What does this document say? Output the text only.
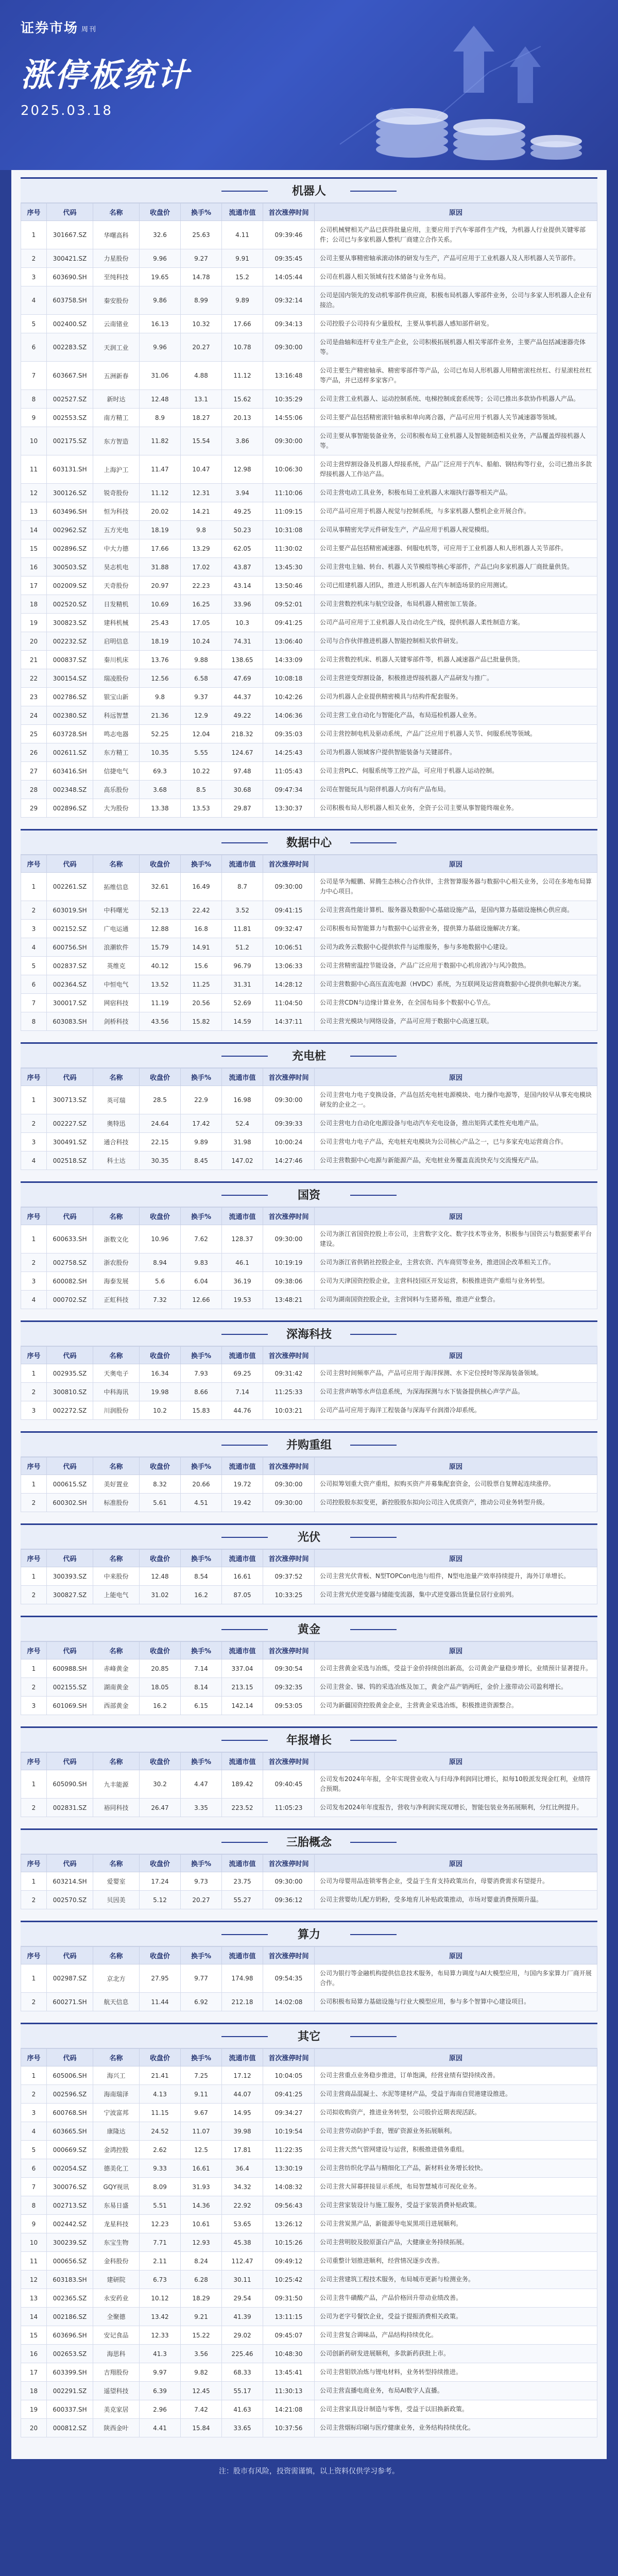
证券市场 周刊
涨停板统计
2025.03.18
机器人
序号	代码	名称	收盘价	换手%	流通市值	首次涨停时间	原因
1	301667.SZ	华曙高科	32.6	25.63	4.11	09:39:46	公司机械臂相关产品已获得批量应用，主要应用于汽车零部件生产线，为机器人行业提供关键零部件；公司已与多家机器人整机厂商建立合作关系。
2	300421.SZ	力星股份	9.96	9.27	9.91	09:35:45	公司主要从事精密轴承滚动体的研发与生产，产品可应用于工业机器人及人形机器人关节部件。
3	603690.SH	至纯科技	19.65	14.78	15.2	14:05:44	公司在机器人相关领域有技术储备与业务布局。
4	603758.SH	秦安股份	9.86	8.99	9.89	09:32:14	公司是国内领先的发动机零部件供应商，积极布局机器人零部件业务，公司与多家人形机器人企业有接洽。
5	002400.SZ	云南锗业	16.13	10.32	17.66	09:34:13	公司控股子公司持有少量股权，主要从事机器人感知部件研发。
6	002283.SZ	天润工业	9.96	20.27	10.78	09:30:00	公司是曲轴和连杆专业生产企业，公司积极拓展机器人相关零部件业务，主要产品包括减速器壳体等。
7	603667.SH	五洲新春	31.06	4.88	11.12	13:16:48	公司主要生产精密轴承、精密零部件等产品，公司已布局人形机器人用精密滚柱丝杠、行星滚柱丝杠等产品，并已送样多家客户。
8	002527.SZ	新时达	12.48	13.1	15.62	10:35:29	公司主营工业机器人、运动控制系统、电梯控制成套系统等；公司已推出多款协作机器人产品。
9	002553.SZ	南方精工	8.9	18.27	20.13	14:55:06	公司主要产品包括精密滚针轴承和单向离合器，产品可应用于机器人关节减速器等领域。
10	002175.SZ	东方智造	11.82	15.54	3.86	09:30:00	公司主要从事智能装备业务，公司积极布局工业机器人及智能制造相关业务，产品覆盖焊接机器人等。
11	603131.SH	上海沪工	11.47	10.47	12.98	10:06:30	公司主营焊割设备及机器人焊接系统，产品广泛应用于汽车、船舶、钢结构等行业，公司已推出多款焊接机器人工作站产品。
12	300126.SZ	锐奇股份	11.12	12.31	3.94	11:10:06	公司主营电动工具业务，积极布局工业机器人末端执行器等相关产品。
13	603496.SH	恒为科技	20.02	14.21	49.25	11:09:15	公司产品可应用于机器人视觉与控制系统，与多家机器人整机企业开展合作。
14	002962.SZ	五方光电	18.19	9.8	50.23	10:31:08	公司从事精密光学元件研发生产，产品应用于机器人视觉模组。
15	002896.SZ	中大力德	17.66	13.29	62.05	11:30:02	公司主要产品包括精密减速器、伺服电机等，可应用于工业机器人和人形机器人关节部件。
16	300503.SZ	昊志机电	31.88	17.02	43.87	13:45:30	公司主营电主轴、转台、机器人关节模组等核心零部件，产品已向多家机器人厂商批量供货。
17	002009.SZ	天奇股份	20.97	22.23	43.14	13:50:46	公司已组建机器人团队，推进人形机器人在汽车制造场景的应用测试。
18	002520.SZ	日发精机	10.69	16.25	33.96	09:52:01	公司主营数控机床与航空设备，布局机器人精密加工装备。
19	300823.SZ	建科机械	25.43	17.05	10.3	09:41:25	公司产品可应用于工业机器人及自动化生产线，提供机器人柔性制造方案。
20	002232.SZ	启明信息	18.19	10.24	74.31	13:06:40	公司与合作伙伴推进机器人智能控制相关软件研发。
21	000837.SZ	秦川机床	13.76	9.88	138.65	14:33:09	公司主营数控机床、机器人关键零部件等，机器人减速器产品已批量供货。
22	300154.SZ	瑞凌股份	12.56	6.58	47.69	10:08:18	公司主营逆变焊割设备，积极推进焊接机器人产品研发与推广。
23	002786.SZ	银宝山新	9.8	9.37	44.37	10:42:26	公司为机器人企业提供精密模具与结构件配套服务。
24	002380.SZ	科远智慧	21.36	12.9	49.22	14:06:36	公司主营工业自动化与智能化产品，布局巡检机器人业务。
25	603728.SH	鸣志电器	52.25	12.04	218.32	09:35:03	公司主营控制电机及驱动系统，产品广泛应用于机器人关节、伺服系统等领域。
26	002611.SZ	东方精工	10.35	5.55	124.67	14:25:43	公司为机器人领域客户提供智能装备与关键部件。
27	603416.SH	信捷电气	69.3	10.22	97.48	11:05:43	公司主营PLC、伺服系统等工控产品，可应用于机器人运动控制。
28	002348.SZ	高乐股份	3.68	8.5	30.68	09:47:34	公司在智能玩具与陪伴机器人方向有产品布局。
29	002896.SZ	大为股份	13.38	13.53	29.87	13:30:37	公司积极布局人形机器人相关业务，全资子公司主要从事智能终端业务。
数据中心
序号	代码	名称	收盘价	换手%	流通市值	首次涨停时间	原因
1	002261.SZ	拓维信息	32.61	16.49	8.7	09:30:00	公司是华为鲲鹏、昇腾生态核心合作伙伴，主营智算服务器与数据中心相关业务，公司在多地布局算力中心项目。
2	603019.SH	中科曙光	52.13	22.42	3.52	09:41:15	公司主营高性能计算机、服务器及数据中心基础设施产品，是国内算力基础设施核心供应商。
3	002152.SZ	广电运通	12.88	16.8	11.81	09:32:47	公司积极布局智能算力与数据中心运营业务，提供算力基础设施解决方案。
4	600756.SH	浪潮软件	15.79	14.91	51.2	10:06:51	公司为政务云数据中心提供软件与运维服务，参与多地数据中心建设。
5	002837.SZ	英维克	40.12	15.6	96.79	13:06:33	公司主营精密温控节能设备，产品广泛应用于数据中心机房液冷与风冷散热。
6	002364.SZ	中恒电气	13.52	11.25	31.31	14:28:12	公司主营数据中心高压直流电源（HVDC）系统，为互联网及运营商数据中心提供供电解决方案。
7	300017.SZ	网宿科技	11.19	20.56	52.69	11:04:50	公司主营CDN与边缘计算业务，在全国布局多个数据中心节点。
8	603083.SH	剑桥科技	43.56	15.82	14.59	14:37:11	公司主营光模块与网络设备，产品可应用于数据中心高速互联。
充电桩
序号	代码	名称	收盘价	换手%	流通市值	首次涨停时间	原因
1	300713.SZ	英可瑞	28.5	22.9	16.98	09:30:00	公司主营电力电子变换设备，产品包括充电桩电源模块、电力操作电源等，是国内较早从事充电模块研发的企业之一。
2	002227.SZ	奥特迅	24.64	17.42	52.4	09:39:33	公司主营电力自动化电源设备与电动汽车充电设备，推出矩阵式柔性充电堆产品。
3	300491.SZ	通合科技	22.15	9.89	31.98	10:00:24	公司主营电力电子产品，充电桩充电模块为公司核心产品之一，已与多家充电运营商合作。
4	002518.SZ	科士达	30.35	8.45	147.02	14:27:46	公司主营数据中心电源与新能源产品，充电桩业务覆盖直流快充与交流慢充产品。
国资
序号	代码	名称	收盘价	换手%	流通市值	首次涨停时间	原因
1	600633.SH	浙数文化	10.96	7.62	128.37	09:30:00	公司为浙江省国资控股上市公司，主营数字文化、数字技术等业务，积极参与国资云与数据要素平台建设。
2	002758.SZ	浙农股份	8.94	9.83	46.1	10:19:19	公司为浙江省供销社控股企业，主营农资、汽车商贸等业务，推进国企改革相关工作。
3	600082.SH	海泰发展	5.6	6.04	36.19	09:38:06	公司为天津国资控股企业，主营科技园区开发运营，积极推进资产重组与业务转型。
4	000702.SZ	正虹科技	7.32	12.66	19.53	13:48:21	公司为湖南国资控股企业，主营饲料与生猪养殖，推进产业整合。
深海科技
序号	代码	名称	收盘价	换手%	流通市值	首次涨停时间	原因
1	002935.SZ	天奥电子	16.34	7.93	69.25	09:31:42	公司主营时间频率产品，产品可应用于海洋探测、水下定位授时等深海装备领域。
2	300810.SZ	中科海讯	19.98	8.66	7.14	11:25:33	公司主营声呐等水声信息系统，为深海探测与水下装备提供核心声学产品。
3	002272.SZ	川润股份	10.2	15.83	44.76	10:03:21	公司产品可应用于海洋工程装备与深海平台润滑冷却系统。
并购重组
序号	代码	名称	收盘价	换手%	流通市值	首次涨停时间	原因
1	000615.SZ	美好置业	8.32	20.66	19.72	09:30:00	公司拟筹划重大资产重组，拟购买资产并募集配套资金，公司股票自复牌起连续涨停。
2	600302.SH	标准股份	5.61	4.51	19.42	09:30:00	公司控股股东拟变更，新控股股东拟向公司注入优质资产，推动公司业务转型升级。
光伏
序号	代码	名称	收盘价	换手%	流通市值	首次涨停时间	原因
1	300393.SZ	中来股份	12.48	8.54	16.61	09:37:52	公司主营光伏背板、N型TOPCon电池与组件，N型电池量产效率持续提升，海外订单增长。
2	300827.SZ	上能电气	31.02	16.2	87.05	10:33:25	公司主营光伏逆变器与储能变流器，集中式逆变器出货量位居行业前列。
黄金
序号	代码	名称	收盘价	换手%	流通市值	首次涨停时间	原因
1	600988.SH	赤峰黄金	20.85	7.14	337.04	09:30:54	公司主营黄金采选与冶炼，受益于金价持续创出新高，公司黄金产量稳步增长，业绩预计显著提升。
2	002155.SZ	湖南黄金	18.05	8.14	213.15	09:32:35	公司主营金、锑、钨的采选冶炼及加工，黄金产品产销两旺，金价上涨带动公司盈利增长。
3	601069.SH	西部黄金	16.2	6.15	142.14	09:53:05	公司为新疆国资控股黄金企业，主营黄金采选冶炼，积极推进资源整合。
年报增长
序号	代码	名称	收盘价	换手%	流通市值	首次涨停时间	原因
1	605090.SH	九丰能源	30.2	4.47	189.42	09:40:45	公司发布2024年年报，全年实现营业收入与归母净利润同比增长，拟每10股派发现金红利，业绩符合预期。
2	002831.SZ	裕同科技	26.47	3.35	223.52	11:05:23	公司发布2024年年度报告，营收与净利润实现双增长，智能包装业务拓展顺利，分红比例提升。
三胎概念
序号	代码	名称	收盘价	换手%	流通市值	首次涨停时间	原因
1	603214.SH	爱婴室	17.24	9.73	23.75	09:30:00	公司为母婴用品连锁零售企业，受益于生育支持政策出台，母婴消费需求有望提升。
2	002570.SZ	贝因美	5.12	20.27	55.27	09:36:12	公司主营婴幼儿配方奶粉，受多地育儿补贴政策推动，市场对婴童消费预期升温。
算力
序号	代码	名称	收盘价	换手%	流通市值	首次涨停时间	原因
1	002987.SZ	京北方	27.95	9.77	174.98	09:54:35	公司为银行等金融机构提供信息技术服务，布局算力调度与AI大模型应用，与国内多家算力厂商开展合作。
2	600271.SH	航天信息	11.44	6.92	212.18	14:02:08	公司积极布局算力基础设施与行业大模型应用，参与多个智算中心建设项目。
其它
序号	代码	名称	收盘价	换手%	流通市值	首次涨停时间	原因
1	605006.SH	海兴工	21.41	7.25	17.12	10:04:05	公司主营重点业务稳步推进，订单饱满，经营业绩有望持续改善。
2	002596.SZ	海南瑞泽	4.13	9.11	44.07	09:41:25	公司主营商品混凝土、水泥等建材产品，受益于海南自贸港建设推进。
3	600768.SH	宁波富邦	11.15	9.67	14.95	09:34:27	公司拟收购资产，推进业务转型，公司股价近期表现活跃。
4	603665.SH	康隆达	24.52	11.07	39.98	10:19:54	公司主营劳动防护手套，锂矿资源业务拓展顺利。
5	000669.SZ	金鸿控股	2.62	12.5	17.81	11:22:35	公司主营天然气管网建设与运营，积极推进债务重组。
6	002054.SZ	德美化工	9.33	16.61	36.4	13:30:19	公司主营纺织化学品与精细化工产品，新材料业务增长较快。
7	300076.SZ	GQY视讯	8.09	31.93	34.32	14:08:32	公司主营大屏幕拼接显示系统，布局智慧城市可视化业务。
8	002713.SZ	东易日盛	5.51	14.36	22.92	09:56:43	公司主营家装设计与施工服务，受益于家装消费补贴政策。
9	002442.SZ	龙星科技	12.23	10.61	53.65	13:26:12	公司主营炭黑产品，新能源导电炭黑项目进展顺利。
10	300239.SZ	东宝生物	7.71	12.93	45.38	10:15:26	公司主营明胶及胶原蛋白产品，大健康业务持续拓展。
11	000656.SZ	金科股份	2.11	8.24	112.47	09:49:12	公司重整计划推进顺利，经营情况逐步改善。
12	603183.SH	建研院	6.73	6.28	30.11	10:25:42	公司主营建筑工程技术服务，布局城市更新与检测业务。
13	002365.SZ	永安药业	10.12	18.29	29.54	09:31:50	公司主营牛磺酸产品，产品价格回升带动业绩改善。
14	002186.SZ	全聚德	13.42	9.21	41.39	13:11:15	公司为老字号餐饮企业，受益于提振消费相关政策。
15	603696.SH	安记食品	12.33	15.22	29.02	09:45:07	公司主营复合调味品，产品结构持续优化。
16	002653.SZ	海思科	41.3	3.56	225.46	10:48:30	公司创新药研发进展顺利，多款新药获批上市。
17	603399.SH	吉翔股份	9.97	9.82	68.33	13:45:41	公司主营钼铁冶炼与锂电材料，业务转型持续推进。
18	002291.SZ	遥望科技	6.39	12.45	55.17	11:30:13	公司主营直播电商业务，布局AI数字人直播。
19	600337.SH	美克家居	2.96	7.42	41.63	14:21:08	公司主营家具设计制造与零售，受益于以旧换新政策。
20	000812.SZ	陕西金叶	4.41	15.84	33.65	10:37:56	公司主营烟标印刷与医疗健康业务，业务结构持续优化。
注：股市有风险，投资需谨慎，以上资料仅供学习参考。
